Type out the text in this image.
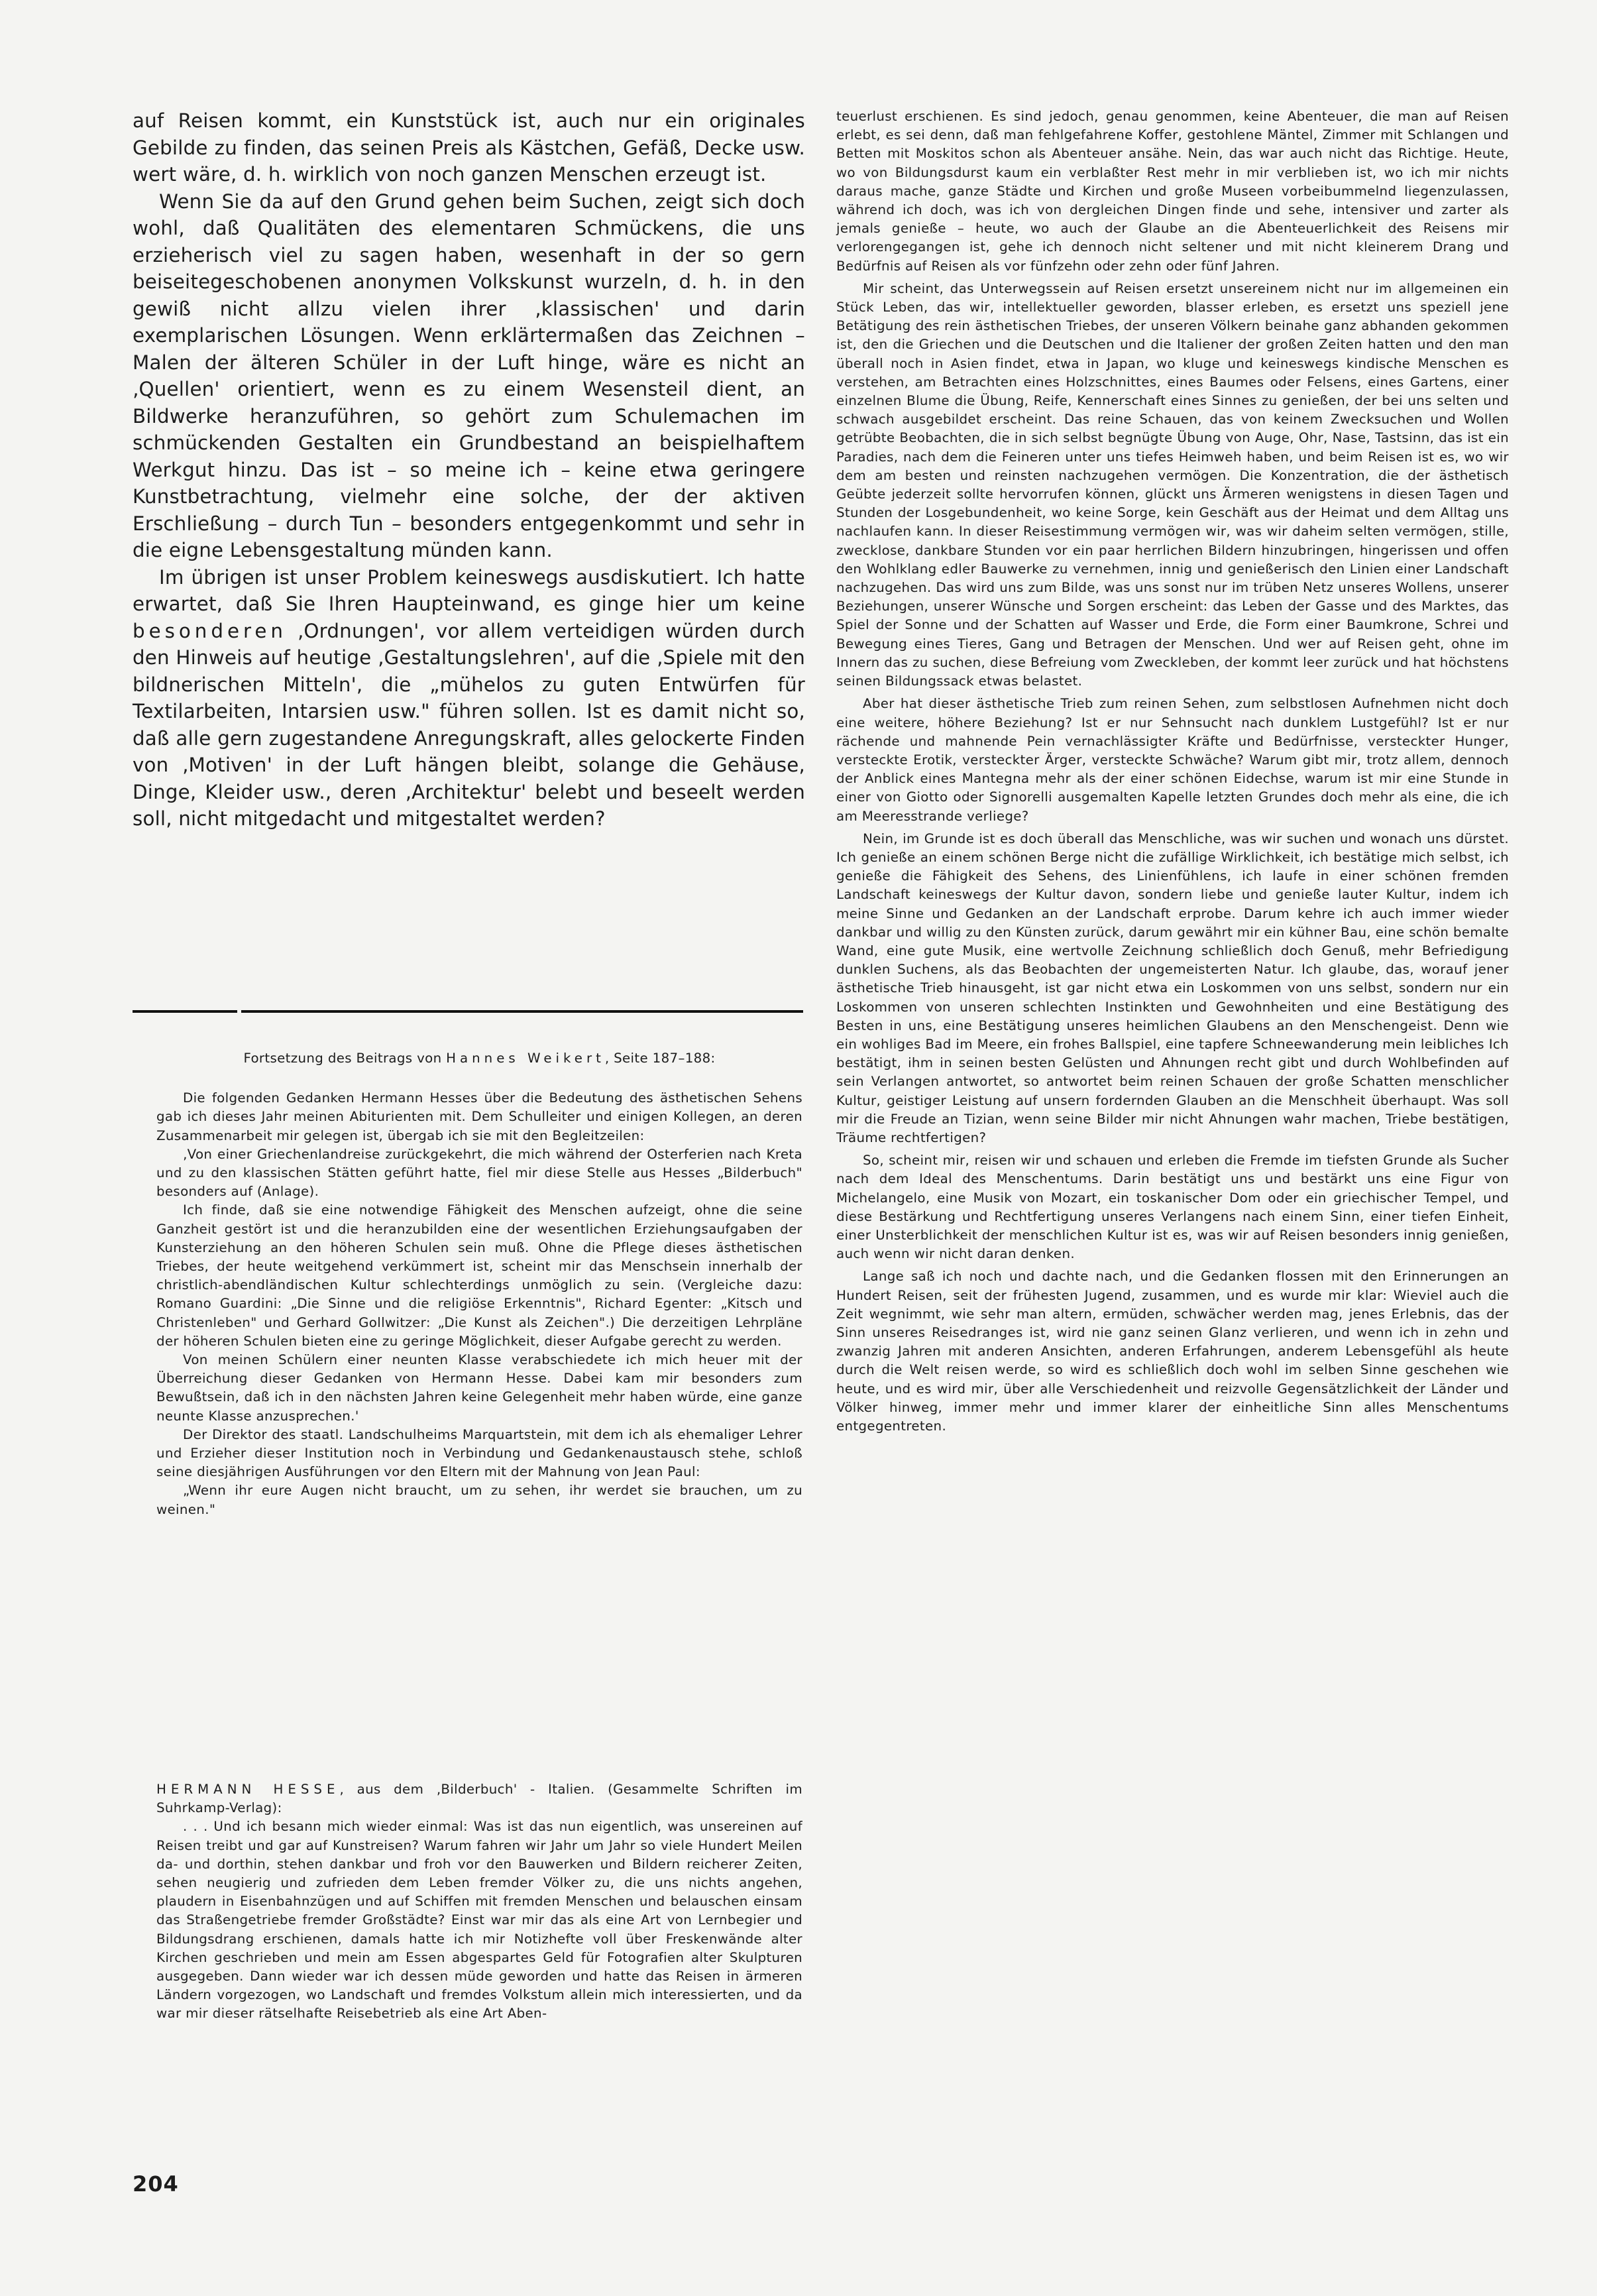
auf Reisen kommt, ein Kunststück ist, auch nur ein originales Gebilde zu finden, das seinen Preis als Kästchen, Gefäß, Decke usw. wert wäre, d. h. wirklich von noch ganzen Menschen erzeugt ist.

Wenn Sie da auf den Grund gehen beim Suchen, zeigt sich doch wohl, daß Qualitäten des elementaren Schmückens, die uns erzieherisch viel zu sagen haben, wesenhaft in der so gern beiseitegeschobenen anonymen Volkskunst wurzeln, d. h. in den gewiß nicht allzu vielen ihrer ‚klassischen' und darin exemplarischen Lösungen. Wenn erklärtermaßen das Zeichnen – Malen der älteren Schüler in der Luft hinge, wäre es nicht an ‚Quellen' orientiert, wenn es zu einem Wesensteil dient, an Bildwerke heranzuführen, so gehört zum Schulemachen im schmückenden Gestalten ein Grundbestand an beispielhaftem Werkgut hinzu. Das ist – so meine ich – keine etwa geringere Kunstbetrachtung, vielmehr eine solche, der der aktiven Erschließung – durch Tun – besonders entgegenkommt und sehr in die eigne Lebensgestaltung münden kann.

Im übrigen ist unser Problem keineswegs ausdiskutiert. Ich hatte erwartet, daß Sie Ihren Haupteinwand, es ginge hier um keine besonderen ‚Ordnungen', vor allem verteidigen würden durch den Hinweis auf heutige ‚Gestaltungslehren', auf die ‚Spiele mit den bildnerischen Mitteln', die „mühelos zu guten Entwürfen für Textilarbeiten, Intarsien usw." führen sollen. Ist es damit nicht so, daß alle gern zugestandene Anregungskraft, alles gelockerte Finden von ‚Motiven' in der Luft hängen bleibt, solange die Gehäuse, Dinge, Kleider usw., deren ‚Architektur' belebt und beseelt werden soll, nicht mitgedacht und mitgestaltet werden?

Fortsetzung des Beitrags von Hannes Weikert, Seite 187–188:

Die folgenden Gedanken Hermann Hesses über die Bedeutung des ästhetischen Sehens gab ich dieses Jahr meinen Abiturienten mit. Dem Schulleiter und einigen Kollegen, an deren Zusammenarbeit mir gelegen ist, übergab ich sie mit den Begleitzeilen:

‚Von einer Griechenlandreise zurückgekehrt, die mich während der Osterferien nach Kreta und zu den klassischen Stätten geführt hatte, fiel mir diese Stelle aus Hesses „Bilderbuch" besonders auf (Anlage).

Ich finde, daß sie eine notwendige Fähigkeit des Menschen aufzeigt, ohne die seine Ganzheit gestört ist und die heranzubilden eine der wesentlichen Erziehungsaufgaben der Kunsterziehung an den höheren Schulen sein muß. Ohne die Pflege dieses ästhetischen Triebes, der heute weitgehend verkümmert ist, scheint mir das Menschsein innerhalb der christlich-abendländischen Kultur schlechterdings unmöglich zu sein. (Vergleiche dazu: Romano Guardini: „Die Sinne und die religiöse Erkenntnis", Richard Egenter: „Kitsch und Christenleben" und Gerhard Gollwitzer: „Die Kunst als Zeichen".) Die derzeitigen Lehrpläne der höheren Schulen bieten eine zu geringe Möglichkeit, dieser Aufgabe gerecht zu werden.

Von meinen Schülern einer neunten Klasse verabschiedete ich mich heuer mit der Überreichung dieser Gedanken von Hermann Hesse. Dabei kam mir besonders zum Bewußtsein, daß ich in den nächsten Jahren keine Gelegenheit mehr haben würde, eine ganze neunte Klasse anzusprechen.'

Der Direktor des staatl. Landschulheims Marquartstein, mit dem ich als ehemaliger Lehrer und Erzieher dieser Institution noch in Verbindung und Gedankenaustausch stehe, schloß seine diesjährigen Ausführungen vor den Eltern mit der Mahnung von Jean Paul:

„Wenn ihr eure Augen nicht braucht, um zu sehen, ihr werdet sie brauchen, um zu weinen."

HERMANN HESSE, aus dem ‚Bilderbuch' - Italien. (Gesammelte Schriften im Suhrkamp-Verlag):

. . . Und ich besann mich wieder einmal: Was ist das nun eigentlich, was unsereinen auf Reisen treibt und gar auf Kunstreisen? Warum fahren wir Jahr um Jahr so viele Hundert Meilen da- und dorthin, stehen dankbar und froh vor den Bauwerken und Bildern reicherer Zeiten, sehen neugierig und zufrieden dem Leben fremder Völker zu, die uns nichts angehen, plaudern in Eisenbahnzügen und auf Schiffen mit fremden Menschen und belauschen einsam das Straßengetriebe fremder Großstädte? Einst war mir das als eine Art von Lernbegier und Bildungsdrang erschienen, damals hatte ich mir Notizhefte voll über Freskenwände alter Kirchen geschrieben und mein am Essen abgespartes Geld für Fotografien alter Skulpturen ausgegeben. Dann wieder war ich dessen müde geworden und hatte das Reisen in ärmeren Ländern vorgezogen, wo Landschaft und fremdes Volkstum allein mich interessierten, und da war mir dieser rätselhafte Reisebetrieb als eine Art Aben-

teuerlust erschienen. Es sind jedoch, genau genommen, keine Abenteuer, die man auf Reisen erlebt, es sei denn, daß man fehlgefahrene Koffer, gestohlene Mäntel, Zimmer mit Schlangen und Betten mit Moskitos schon als Abenteuer ansähe. Nein, das war auch nicht das Richtige. Heute, wo von Bildungsdurst kaum ein verblaßter Rest mehr in mir verblieben ist, wo ich mir nichts daraus mache, ganze Städte und Kirchen und große Museen vorbeibummelnd liegenzulassen, während ich doch, was ich von dergleichen Dingen finde und sehe, intensiver und zarter als jemals genieße – heute, wo auch der Glaube an die Abenteuerlichkeit des Reisens mir verlorengegangen ist, gehe ich dennoch nicht seltener und mit nicht kleinerem Drang und Bedürfnis auf Reisen als vor fünfzehn oder zehn oder fünf Jahren.

Mir scheint, das Unterwegssein auf Reisen ersetzt unsereinem nicht nur im allgemeinen ein Stück Leben, das wir, intellektueller geworden, blasser erleben, es ersetzt uns speziell jene Betätigung des rein ästhetischen Triebes, der unseren Völkern beinahe ganz abhanden gekommen ist, den die Griechen und die Deutschen und die Italiener der großen Zeiten hatten und den man überall noch in Asien findet, etwa in Japan, wo kluge und keineswegs kindische Menschen es verstehen, am Betrachten eines Holzschnittes, eines Baumes oder Felsens, eines Gartens, einer einzelnen Blume die Übung, Reife, Kennerschaft eines Sinnes zu genießen, der bei uns selten und schwach ausgebildet erscheint. Das reine Schauen, das von keinem Zwecksuchen und Wollen getrübte Beobachten, die in sich selbst begnügte Übung von Auge, Ohr, Nase, Tastsinn, das ist ein Paradies, nach dem die Feineren unter uns tiefes Heimweh haben, und beim Reisen ist es, wo wir dem am besten und reinsten nachzugehen vermögen. Die Konzentration, die der ästhetisch Geübte jederzeit sollte hervorrufen können, glückt uns Ärmeren wenigstens in diesen Tagen und Stunden der Losgebundenheit, wo keine Sorge, kein Geschäft aus der Heimat und dem Alltag uns nachlaufen kann. In dieser Reisestimmung vermögen wir, was wir daheim selten vermögen, stille, zwecklose, dankbare Stunden vor ein paar herrlichen Bildern hinzubringen, hingerissen und offen den Wohlklang edler Bauwerke zu vernehmen, innig und genießerisch den Linien einer Landschaft nachzugehen. Das wird uns zum Bilde, was uns sonst nur im trüben Netz unseres Wollens, unserer Beziehungen, unserer Wünsche und Sorgen erscheint: das Leben der Gasse und des Marktes, das Spiel der Sonne und der Schatten auf Wasser und Erde, die Form einer Baumkrone, Schrei und Bewegung eines Tieres, Gang und Betragen der Menschen. Und wer auf Reisen geht, ohne im Innern das zu suchen, diese Befreiung vom Zweckleben, der kommt leer zurück und hat höchstens seinen Bildungssack etwas belastet.

Aber hat dieser ästhetische Trieb zum reinen Sehen, zum selbstlosen Aufnehmen nicht doch eine weitere, höhere Beziehung? Ist er nur Sehnsucht nach dunklem Lustgefühl? Ist er nur rächende und mahnende Pein vernachlässigter Kräfte und Bedürfnisse, versteckter Hunger, versteckte Erotik, versteckter Ärger, versteckte Schwäche? Warum gibt mir, trotz allem, dennoch der Anblick eines Mantegna mehr als der einer schönen Eidechse, warum ist mir eine Stunde in einer von Giotto oder Signorelli ausgemalten Kapelle letzten Grundes doch mehr als eine, die ich am Meeresstrande verliege?

Nein, im Grunde ist es doch überall das Menschliche, was wir suchen und wonach uns dürstet. Ich genieße an einem schönen Berge nicht die zufällige Wirklichkeit, ich bestätige mich selbst, ich genieße die Fähigkeit des Sehens, des Linienfühlens, ich laufe in einer schönen fremden Landschaft keineswegs der Kultur davon, sondern liebe und genieße lauter Kultur, indem ich meine Sinne und Gedanken an der Landschaft erprobe. Darum kehre ich auch immer wieder dankbar und willig zu den Künsten zurück, darum gewährt mir ein kühner Bau, eine schön bemalte Wand, eine gute Musik, eine wertvolle Zeichnung schließlich doch Genuß, mehr Befriedigung dunklen Suchens, als das Beobachten der ungemeisterten Natur. Ich glaube, das, worauf jener ästhetische Trieb hinausgeht, ist gar nicht etwa ein Loskommen von uns selbst, sondern nur ein Loskommen von unseren schlechten Instinkten und Gewohnheiten und eine Bestätigung des Besten in uns, eine Bestätigung unseres heimlichen Glaubens an den Menschengeist. Denn wie ein wohliges Bad im Meere, ein frohes Ballspiel, eine tapfere Schneewanderung mein leibliches Ich bestätigt, ihm in seinen besten Gelüsten und Ahnungen recht gibt und durch Wohlbefinden auf sein Verlangen antwortet, so antwortet beim reinen Schauen der große Schatten menschlicher Kultur, geistiger Leistung auf unsern fordernden Glauben an die Menschheit überhaupt. Was soll mir die Freude an Tizian, wenn seine Bilder mir nicht Ahnungen wahr machen, Triebe bestätigen, Träume rechtfertigen?

So, scheint mir, reisen wir und schauen und erleben die Fremde im tiefsten Grunde als Sucher nach dem Ideal des Menschentums. Darin bestätigt uns und bestärkt uns eine Figur von Michelangelo, eine Musik von Mozart, ein toskanischer Dom oder ein griechischer Tempel, und diese Bestärkung und Rechtfertigung unseres Verlangens nach einem Sinn, einer tiefen Einheit, einer Unsterblichkeit der menschlichen Kultur ist es, was wir auf Reisen besonders innig genießen, auch wenn wir nicht daran denken.

Lange saß ich noch und dachte nach, und die Gedanken flossen mit den Erinnerungen an Hundert Reisen, seit der frühesten Jugend, zusammen, und es wurde mir klar: Wieviel auch die Zeit wegnimmt, wie sehr man altern, ermüden, schwächer werden mag, jenes Erlebnis, das der Sinn unseres Reisedranges ist, wird nie ganz seinen Glanz verlieren, und wenn ich in zehn und zwanzig Jahren mit anderen Ansichten, anderen Erfahrungen, anderem Lebensgefühl als heute durch die Welt reisen werde, so wird es schließlich doch wohl im selben Sinne geschehen wie heute, und es wird mir, über alle Verschiedenheit und reizvolle Gegensätzlichkeit der Länder und Völker hinweg, immer mehr und immer klarer der einheitliche Sinn alles Menschentums entgegentreten.

204
